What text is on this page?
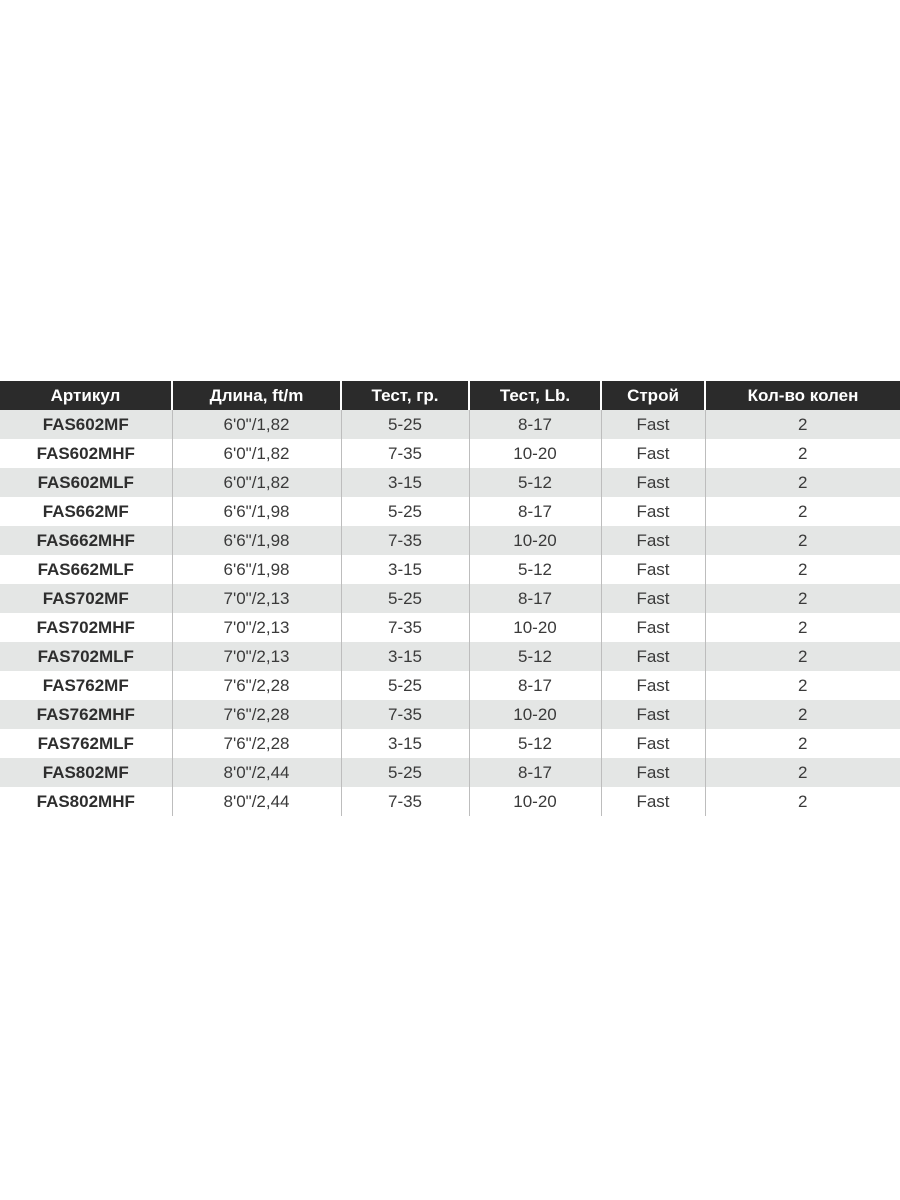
Артикул	Длина, ft/m	Тест, гр.	Тест, Lb.	Строй	Кол-во колен
FAS602MF	6'0"/1,82	5-25	8-17	Fast	2
FAS602MHF	6'0"/1,82	7-35	10-20	Fast	2
FAS602MLF	6'0"/1,82	3-15	5-12	Fast	2
FAS662MF	6'6"/1,98	5-25	8-17	Fast	2
FAS662MHF	6'6"/1,98	7-35	10-20	Fast	2
FAS662MLF	6'6"/1,98	3-15	5-12	Fast	2
FAS702MF	7'0"/2,13	5-25	8-17	Fast	2
FAS702MHF	7'0"/2,13	7-35	10-20	Fast	2
FAS702MLF	7'0"/2,13	3-15	5-12	Fast	2
FAS762MF	7'6"/2,28	5-25	8-17	Fast	2
FAS762MHF	7'6"/2,28	7-35	10-20	Fast	2
FAS762MLF	7'6"/2,28	3-15	5-12	Fast	2
FAS802MF	8'0"/2,44	5-25	8-17	Fast	2
FAS802MHF	8'0"/2,44	7-35	10-20	Fast	2
